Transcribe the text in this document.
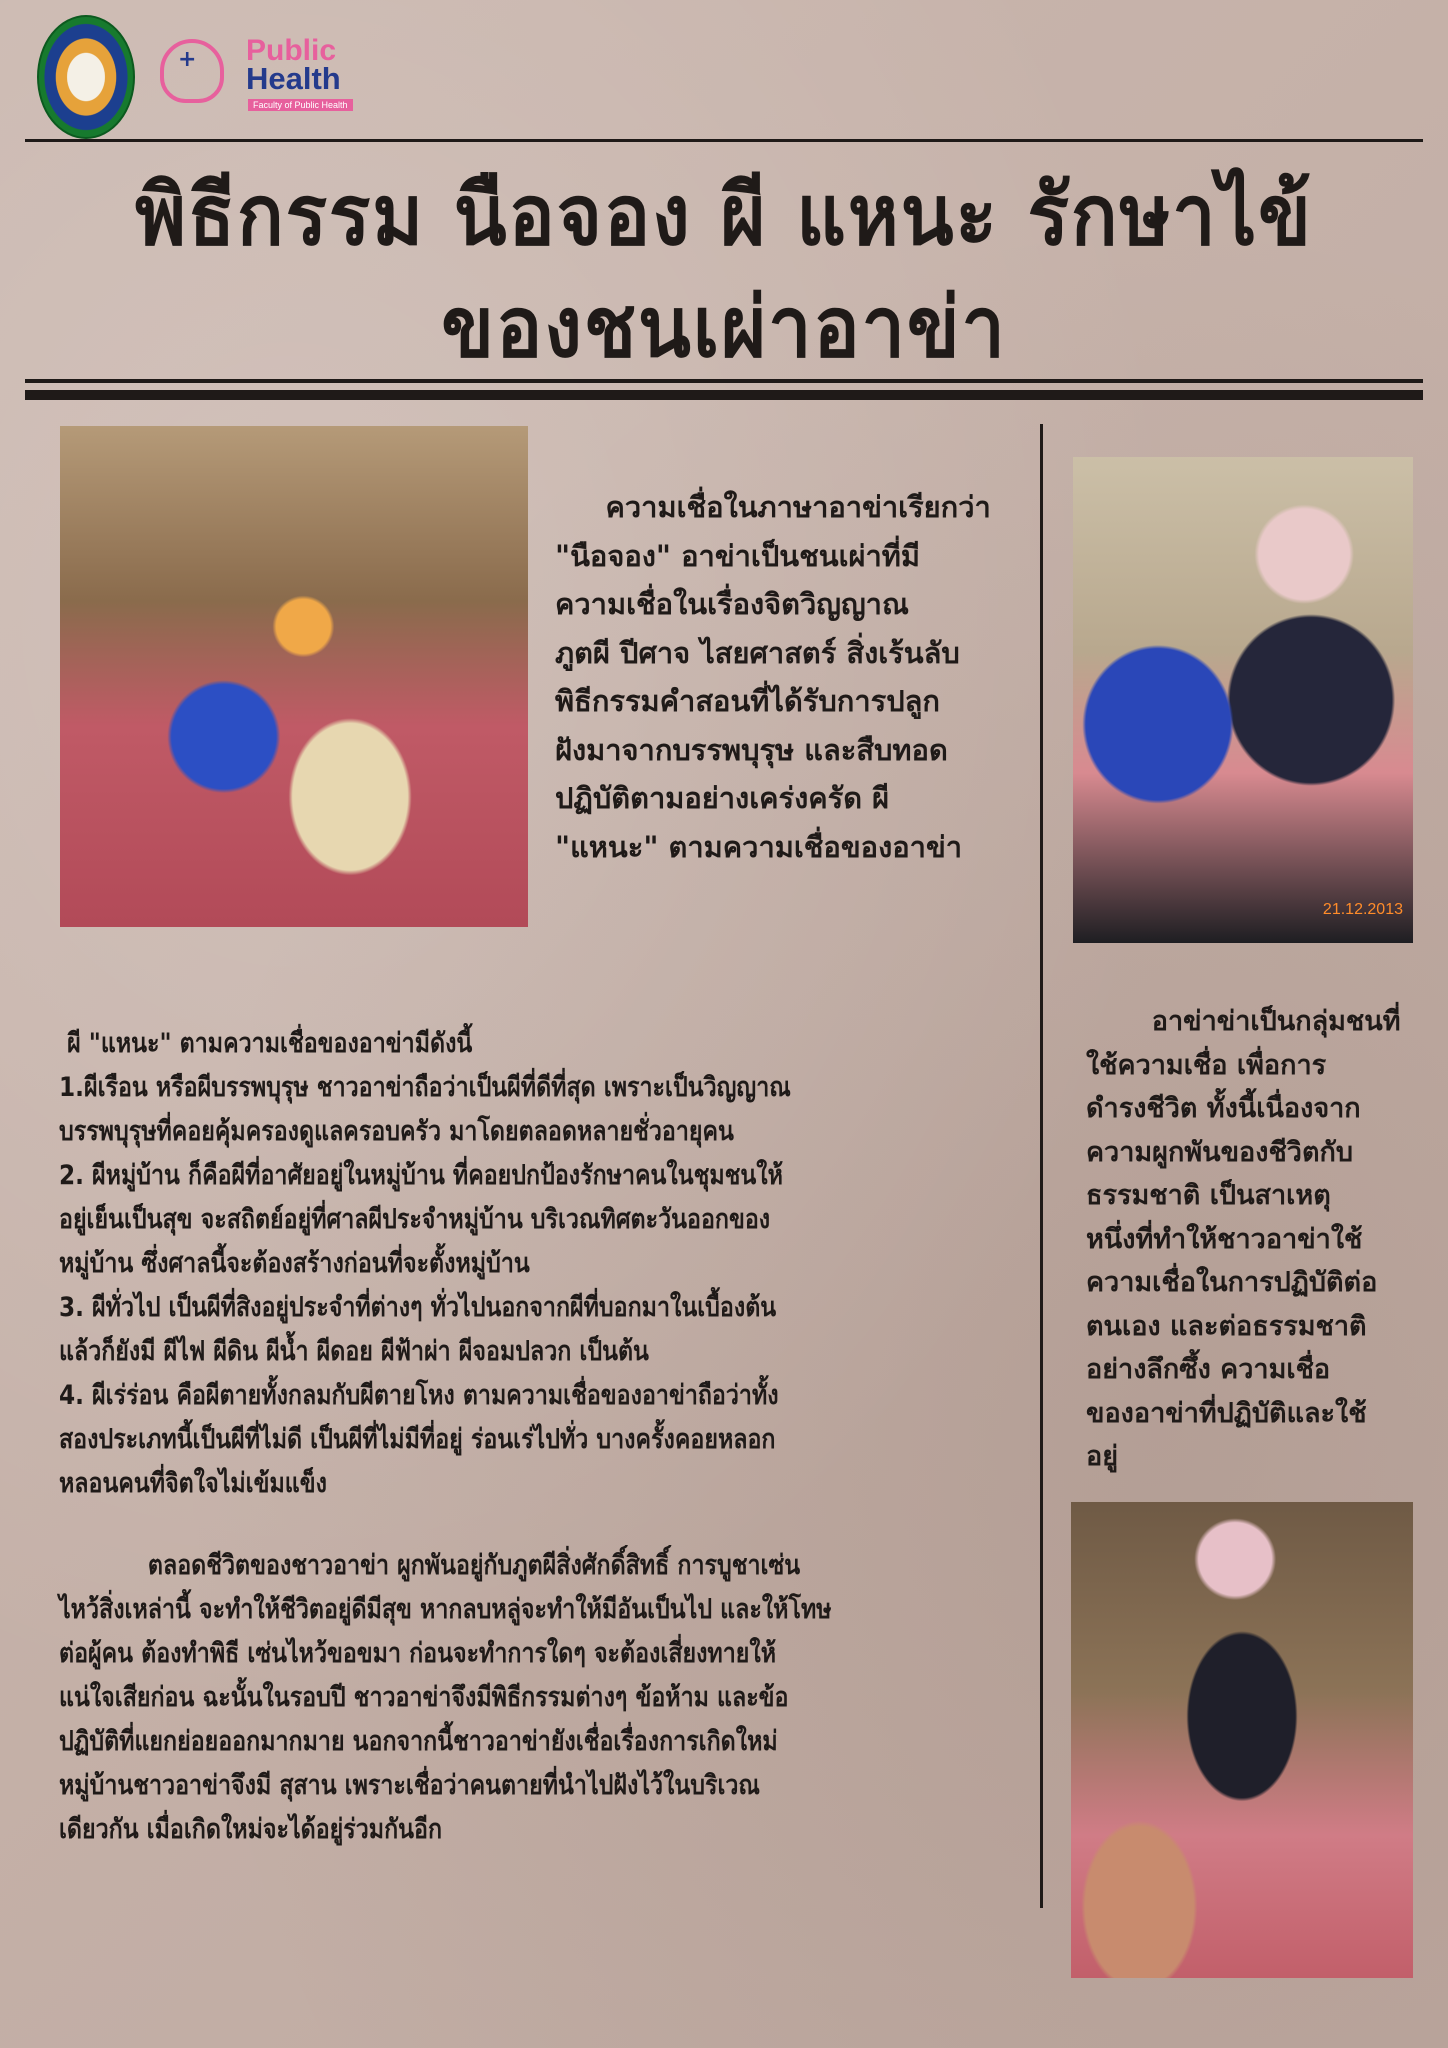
+ Public
Health
Faculty of Public Health
พิธีกรรม นือจอง ผี แหนะ รักษาไข้
ของชนเผ่าอาข่า
ความเชื่อในภาษาอาข่าเรียกว่า
"นือจอง" อาข่าเป็นชนเผ่าที่มี
ความเชื่อในเรื่องจิตวิญญาณ
ภูตผี ปีศาจ ไสยศาสตร์ สิ่งเร้นลับ
พิธีกรรมคำสอนที่ได้รับการปลูก
ฝังมาจากบรรพบุรุษ และสืบทอด
ปฏิบัติตามอย่างเคร่งครัด ผี
"แหนะ" ตามความเชื่อของอาข่า
21.12.2013
อาข่าข่าเป็นกลุ่มชนที่
ใช้ความเชื่อ เพื่อการ
ดำรงชีวิต ทั้งนี้เนื่องจาก
ความผูกพันของชีวิตกับ
ธรรมชาติ เป็นสาเหตุ
หนึ่งที่ทำให้ชาวอาข่าใช้
ความเชื่อในการปฏิบัติต่อ
ตนเอง และต่อธรรมชาติ
อย่างลึกซึ้ง ความเชื่อ
ของอาข่าที่ปฏิบัติและใช้
อยู่
ผี "แหนะ" ตามความเชื่อของอาข่ามีดังนี้
1.ผีเรือน หรือผีบรรพบุรุษ ชาวอาข่าถือว่าเป็นผีที่ดีที่สุด เพราะเป็นวิญญาณ
บรรพบุรุษที่คอยคุ้มครองดูแลครอบครัว มาโดยตลอดหลายชั่วอายุคน
2. ผีหมู่บ้าน ก็คือผีที่อาศัยอยู่ในหมู่บ้าน ที่คอยปกป้องรักษาคนในชุมชนให้
อยู่เย็นเป็นสุข จะสถิตย์อยู่ที่ศาลผีประจำหมู่บ้าน บริเวณทิศตะวันออกของ
หมู่บ้าน ซึ่งศาลนี้จะต้องสร้างก่อนที่จะตั้งหมู่บ้าน
3. ผีทั่วไป เป็นผีที่สิงอยู่ประจำที่ต่างๆ ทั่วไปนอกจากผีที่บอกมาในเบื้องต้น
แล้วก็ยังมี ผีไฟ ผีดิน ผีน้ำ ผีดอย ผีฟ้าผ่า ผีจอมปลวก เป็นต้น
4. ผีเร่ร่อน คือผีตายทั้งกลมกับผีตายโหง ตามความเชื่อของอาข่าถือว่าทั้ง
สองประเภทนี้เป็นผีที่ไม่ดี เป็นผีที่ไม่มีที่อยู่ ร่อนเร่ไปทั่ว บางครั้งคอยหลอก
หลอนคนที่จิตใจไม่เข้มแข็ง
ตลอดชีวิตของชาวอาข่า ผูกพันอยู่กับภูตผีสิ่งศักดิ์สิทธิ์ การบูชาเซ่น
ไหว้สิ่งเหล่านี้ จะทำให้ชีวิตอยู่ดีมีสุข หากลบหลู่จะทำให้มีอันเป็นไป และให้โทษ
ต่อผู้คน ต้องทำพิธี เซ่นไหว้ขอขมา ก่อนจะทำการใดๆ จะต้องเสี่ยงทายให้
แน่ใจเสียก่อน ฉะนั้นในรอบปี ชาวอาข่าจึงมีพิธีกรรมต่างๆ ข้อห้าม และข้อ
ปฏิบัติที่แยกย่อยออกมากมาย นอกจากนี้ชาวอาข่ายังเชื่อเรื่องการเกิดใหม่
หมู่บ้านชาวอาข่าจึงมี สุสาน เพราะเชื่อว่าคนตายที่นำไปฝังไว้ในบริเวณ
เดียวกัน เมื่อเกิดใหม่จะได้อยู่ร่วมกันอีก
